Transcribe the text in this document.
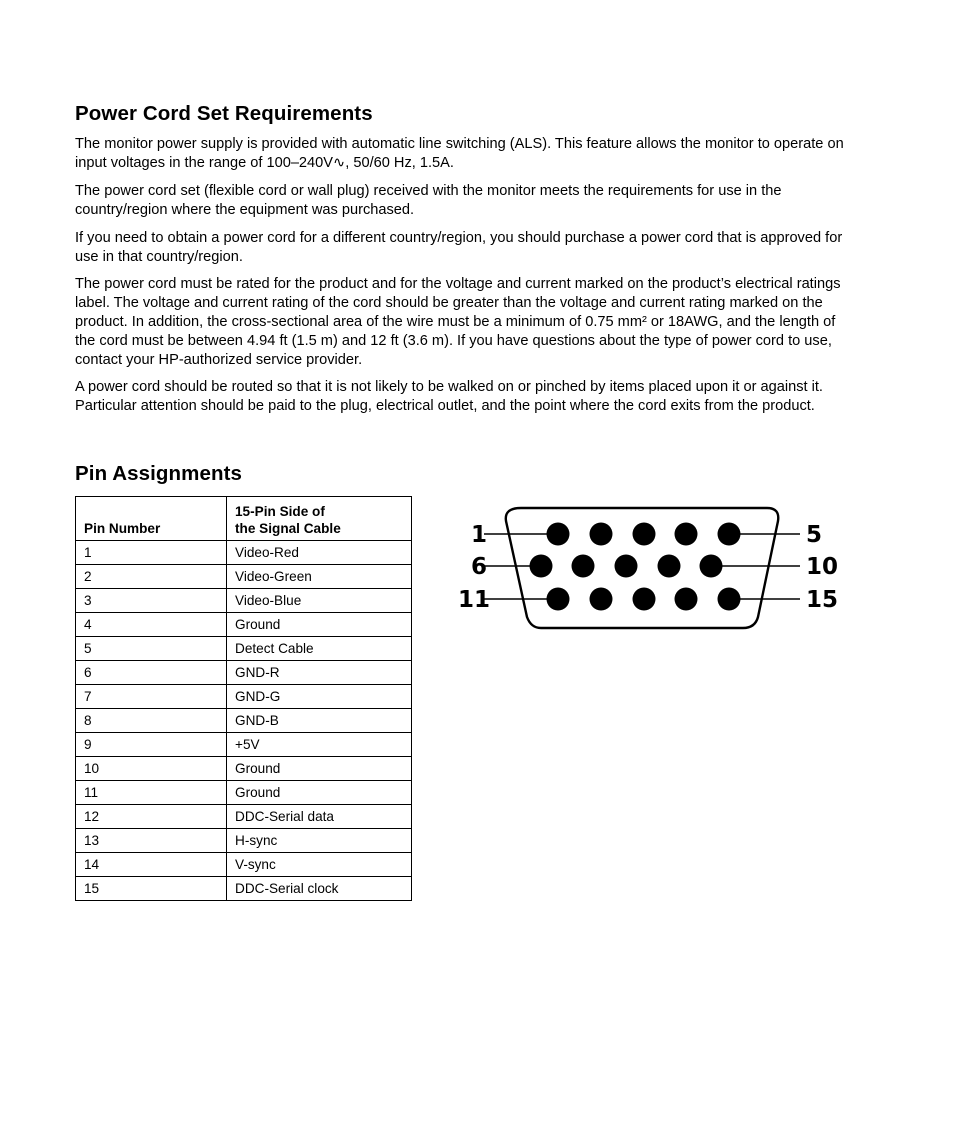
Power Cord Set Requirements

The monitor power supply is provided with automatic line switching (ALS). This feature allows the monitor to operate on input voltages in the range of 100–240V∿, 50/60 Hz, 1.5A.

The power cord set (flexible cord or wall plug) received with the monitor meets the requirements for use in the country/region where the equipment was purchased.

If you need to obtain a power cord for a different country/region, you should purchase a power cord that is approved for use in that country/region.

The power cord must be rated for the product and for the voltage and current marked on the product’s electrical ratings label. The voltage and current rating of the cord should be greater than the voltage and current rating marked on the product. In addition, the cross-sectional area of the wire must be a minimum of 0.75 mm² or 18AWG, and the length of the cord must be between 4.94 ft (1.5 m) and 12 ft (3.6 m). If you have questions about the type of power cord to use, contact your HP-authorized service provider.

A power cord should be routed so that it is not likely to be walked on or pinched by items placed upon it or against it. Particular attention should be paid to the plug, electrical outlet, and the point where the cord exits from the product.

Pin Assignments
Pin Number	15-Pin Side of
the Signal Cable
1	Video-Red
2	Video-Green
3	Video-Blue
4	Ground
5	Detect Cable
6	GND-R
7	GND-G
8	GND-B
9	+5V
10	Ground
11	Ground
12	DDC-Serial data
13	H-sync
14	V-sync
15	DDC-Serial clock
1
6
11
5
10
15
